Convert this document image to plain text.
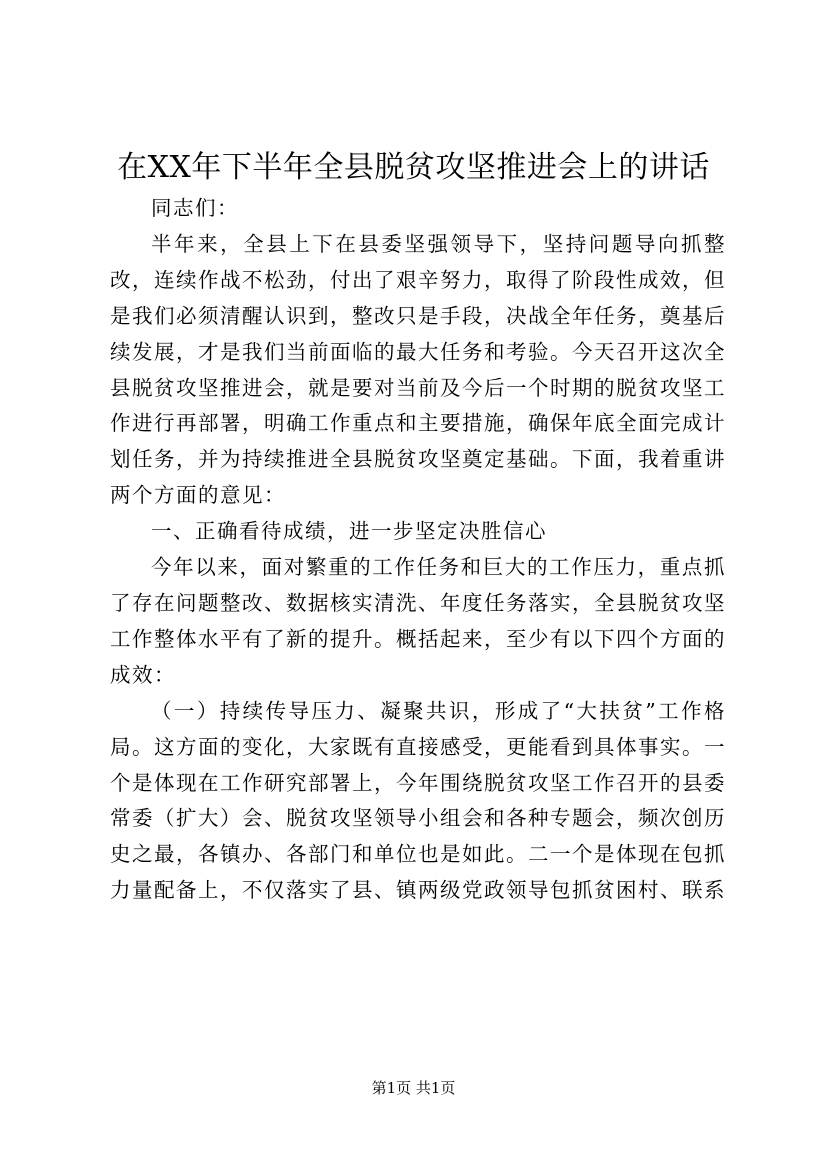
在XX年下半年全县脱贫攻坚推进会上的讲话

同志们：

半年来，全县上下在县委坚强领导下，坚持问题导向抓整改，连续作战不松劲，付出了艰辛努力，取得了阶段性成效，但是我们必须清醒认识到，整改只是手段，决战全年任务，奠基后续发展，才是我们当前面临的最大任务和考验。今天召开这次全县脱贫攻坚推进会，就是要对当前及今后一个时期的脱贫攻坚工作进行再部署，明确工作重点和主要措施，确保年底全面完成计划任务，并为持续推进全县脱贫攻坚奠定基础。下面，我着重讲两个方面的意见：

一、正确看待成绩，进一步坚定决胜信心

今年以来，面对繁重的工作任务和巨大的工作压力，重点抓了存在问题整改、数据核实清洗、年度任务落实，全县脱贫攻坚工作整体水平有了新的提升。概括起来，至少有以下四个方面的成效：

（一）持续传导压力、凝聚共识，形成了“大扶贫”工作格局。这方面的变化，大家既有直接感受，更能看到具体事实。一个是体现在工作研究部署上，今年围绕脱贫攻坚工作召开的县委常委（扩大）会、脱贫攻坚领导小组会和各种专题会，频次创历史之最，各镇办、各部门和单位也是如此。二一个是体现在包抓力量配备上，不仅落实了县、镇两级党政领导包抓贫困村、联系

第1页 共1页
